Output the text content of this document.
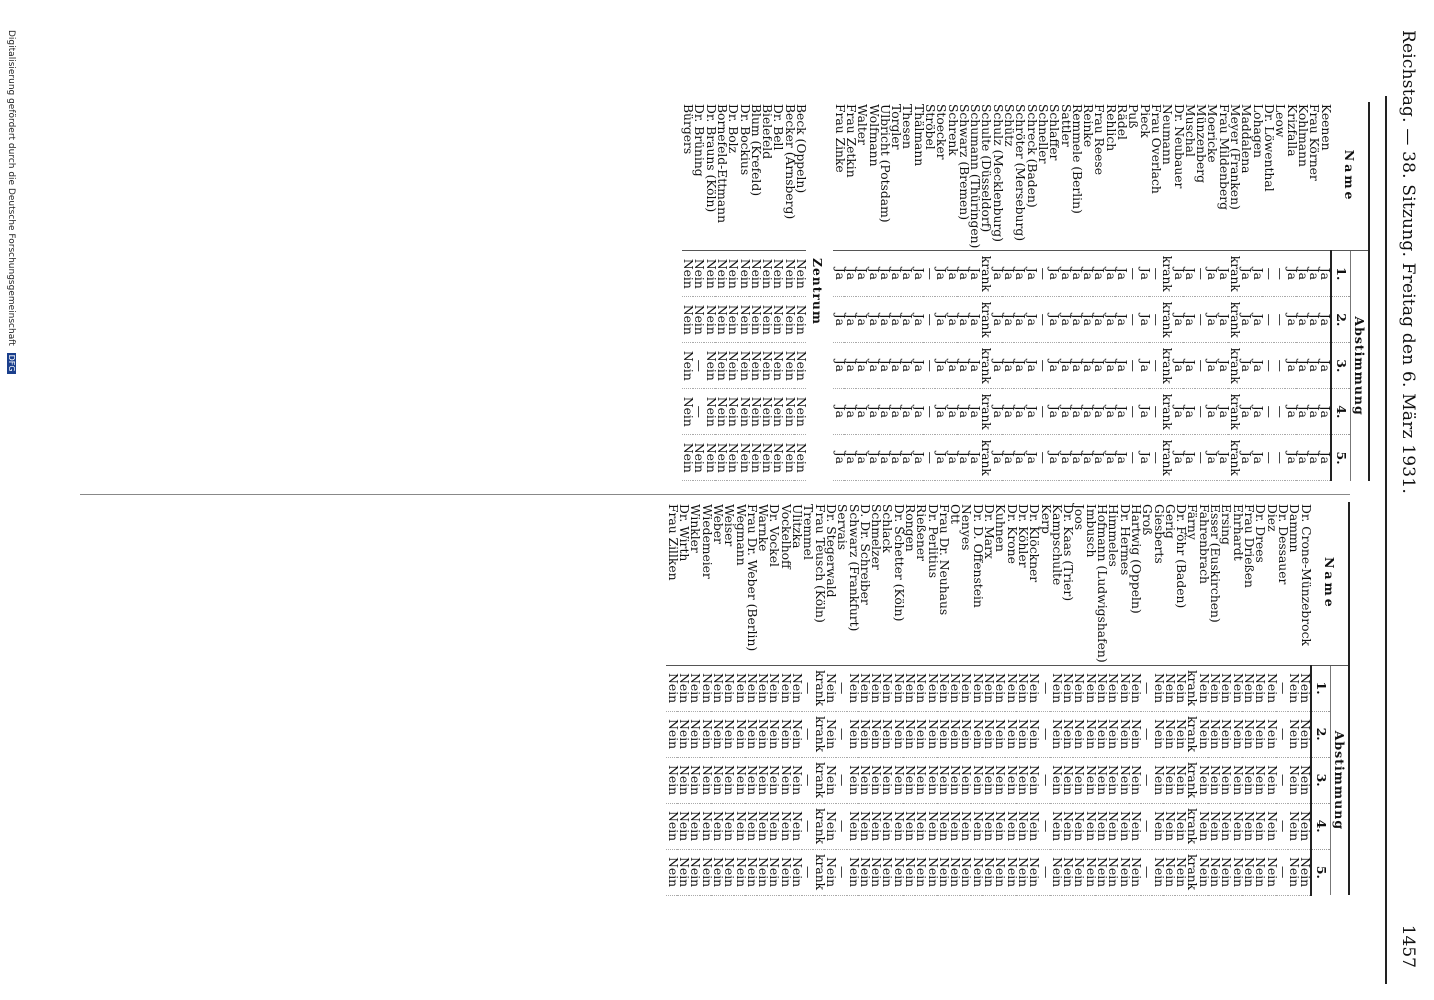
Reichstag. — 38. Sitzung. Freitag den 6. März 1931.
1457
Name	Abstimmung				
	1.	2.	3.	4.	5.
Keenen	Ja	Ja	Ja	Ja	Ja
Frau Körner	Ja	Ja	Ja	Ja	Ja
Kohlmann	Ja	Ja	Ja	Ja	Ja
Krizfalla	Ja	Ja	Ja	Ja	Ja
Leow	—	—	—	—	—
Dr. Löwenthal	—	—	—	—	—
Lohagen	Ja	Ja	Ja	Ja	Ja
Maddalena	Ja	Ja	Ja	Ja	Ja
Meyer (Franken)	krank	krank	krank	krank	krank
Frau Mildenberg	Ja	Ja	Ja	Ja	Ja
Moericke	Ja	Ja	Ja	Ja	Ja
Münzenberg	—	—	—	—	—
Muschal	Ja	Ja	Ja	Ja	Ja
Dr. Neubauer	Ja	Ja	Ja	Ja	Ja
Neumann	krank	krank	krank	krank	krank
Frau Overlach	—	—	—	—	—
Pieck	Ja	Ja	Ja	Ja	Ja
Puß	—	—	—	—	—
Rädel	Ja	Ja	Ja	Ja	Ja
Rehlich	Ja	Ja	Ja	Ja	Ja
Frau Reese	Ja	Ja	Ja	Ja	Ja
Reinke	Ja	Ja	Ja	Ja	Ja
Remmele (Berlin)	Ja	Ja	Ja	Ja	Ja
Sattler	Ja	Ja	Ja	Ja	Ja
Schlaffer	Ja	Ja	Ja	Ja	Ja
Schneller	—	—	—	—	—
Schreck (Baden)	Ja	Ja	Ja	Ja	Ja
Schröter (Merseburg)	Ja	Ja	Ja	Ja	Ja
Schütz	Ja	Ja	Ja	Ja	Ja
Schulz (Mecklenburg)	Ja	Ja	Ja	Ja	Ja
Schulte (Düsseldorf)	krank	krank	krank	krank	krank
Schumann (Thüringen)	Ja	Ja	Ja	Ja	Ja
Schwarz (Bremen)	Ja	Ja	Ja	Ja	Ja
Schrenk	Ja	Ja	Ja	Ja	Ja
Stoecker	Ja	Ja	Ja	Ja	Ja
Ströbel	—	—	—	—	—
Thälmann	Ja	Ja	Ja	Ja	Ja
Thesen	Ja	Ja	Ja	Ja	Ja
Torgler	Ja	Ja	Ja	Ja	Ja
Ulbricht (Potsdam)	Ja	Ja	Ja	Ja	Ja
Wolfmann	Ja	Ja	Ja	Ja	Ja
Walter	Ja	Ja	Ja	Ja	Ja
Frau Zetkin	Ja	Ja	Ja	Ja	Ja
Frau Zinke	Ja	Ja	Ja	Ja	Ja
Zentrum					
Beck (Oppeln)	Nein	Nein	Nein	Nein	Nein
Becker (Arnsberg)	Nein	Nein	Nein	Nein	Nein
Dr. Bell	Nein	Nein	Nein	Nein	Nein
Bielefeld	Nein	Nein	Nein	Nein	Nein
Blum (Krefeld)	Nein	Nein	Nein	Nein	Nein
Dr. Bockius	Nein	Nein	Nein	Nein	Nein
Dr. Bolz	Nein	Nein	Nein	Nein	Nein
Bornefeld-Ettmann	Nein	Nein	Nein	Nein	Nein
Dr. Brauns (Köln)	Nein	Nein	Nein	Nein	Nein
Dr. Brüning	Nein	Nein	—	—	Nein
Bürgers	Nein	Nein	Nein	Nein	Nein
Name	Abstimmung				
	1.	2.	3.	4.	5.
Dr. Crone-Münzebrock	Nein	Nein	Nein	Nein	Nein
Dammn	Nein	Nein	Nein	Nein	Nein
Dr. Dessauer	—	—	—	—	—
Diez	Nein	Nein	Nein	Nein	Nein
Dr. Drees	Nein	Nein	Nein	Nein	Nein
Frau Drießen	Nein	Nein	Nein	Nein	Nein
Ehrhardt	Nein	Nein	Nein	Nein	Nein
Ersing	Nein	Nein	Nein	Nein	Nein
Esser (Euskirchen)	Nein	Nein	Nein	Nein	Nein
Fahrenbrach	Nein	Nein	Nein	Nein	Nein
Färny	krank	krank	krank	krank	krank
Dr. Föhr (Baden)	Nein	Nein	Nein	Nein	Nein
Gerig	Nein	Nein	Nein	Nein	Nein
Giesberts	Nein	Nein	Nein	Nein	Nein
Groß	—	—	—	—	—
Hartwig (Oppeln)	Nein	Nein	Nein	Nein	Nein
Dr. Hermes	Nein	Nein	Nein	Nein	Nein
Himmeles	Nein	Nein	Nein	Nein	Nein
Hofmann (Ludwigshafen)	Nein	Nein	Nein	Nein	Nein
Imbusch	Nein	Nein	Nein	Nein	Nein
Joos	Nein	Nein	Nein	Nein	Nein
Dr. Kaas (Trier)	Nein	Nein	Nein	Nein	Nein
Kampschulte	Nein	Nein	Nein	Nein	Nein
Kerp	—	—	—	—	—
Dr. Klöckner	Nein	Nein	Nein	Nein	Nein
Dr. Köhler	Nein	Nein	Nein	Nein	Nein
Dr. Krone	Nein	Nein	Nein	Nein	Nein
Kuhnen	Nein	Nein	Nein	Nein	Nein
Dr. Marx	Nein	Nein	Nein	Nein	Nein
Dr. D. Offenstein	Nein	Nein	Nein	Nein	Nein
Nenyes	Nein	Nein	Nein	Nein	Nein
Ott	Nein	Nein	Nein	Nein	Nein
Frau Dr. Neuhaus	Nein	Nein	Nein	Nein	Nein
Dr. Perlitius	Nein	Nein	Nein	Nein	Nein
Rießener	Nein	Nein	Nein	Nein	Nein
Rongen	Nein	Nein	Nein	Nein	Nein
Dr. Schetter (Köln)	Nein	Nein	Nein	Nein	Nein
Schlack	Nein	Nein	Nein	Nein	Nein
Schmelzer	Nein	Nein	Nein	Nein	Nein
D. Dr. Schreiber	Nein	Nein	Nein	Nein	Nein
Schwarz (Frankfurt)	Nein	Nein	Nein	Nein	Nein
Servais	—	—	—	—	—
Dr. Stegerwald	Nein	Nein	Nein	Nein	Nein
Frau Teusch (Köln)	krank	krank	krank	krank	krank
Tremmel	—	—	—	—	—
Ulitzka	Nein	Nein	Nein	Nein	Nein
Vockelhoff	Nein	Nein	Nein	Nein	Nein
Dr. Vockel	Nein	Nein	Nein	Nein	Nein
Warnke	Nein	Nein	Nein	Nein	Nein
Frau Dr. Weber (Berlin)	Nein	Nein	Nein	Nein	Nein
Wegmann	Nein	Nein	Nein	Nein	Nein
Weiser	Nein	Nein	Nein	Nein	Nein
Weber	Nein	Nein	Nein	Nein	Nein
Wiedemeier	Nein	Nein	Nein	Nein	Nein
Winkler	Nein	Nein	Nein	Nein	Nein
Dr. Wirth	Nein	Nein	Nein	Nein	Nein
Frau Zillken	Nein	Nein	Nein	Nein	Nein
Digitalisierung gefördert durch die Deutsche Forschungsgemeinschaft DFG
